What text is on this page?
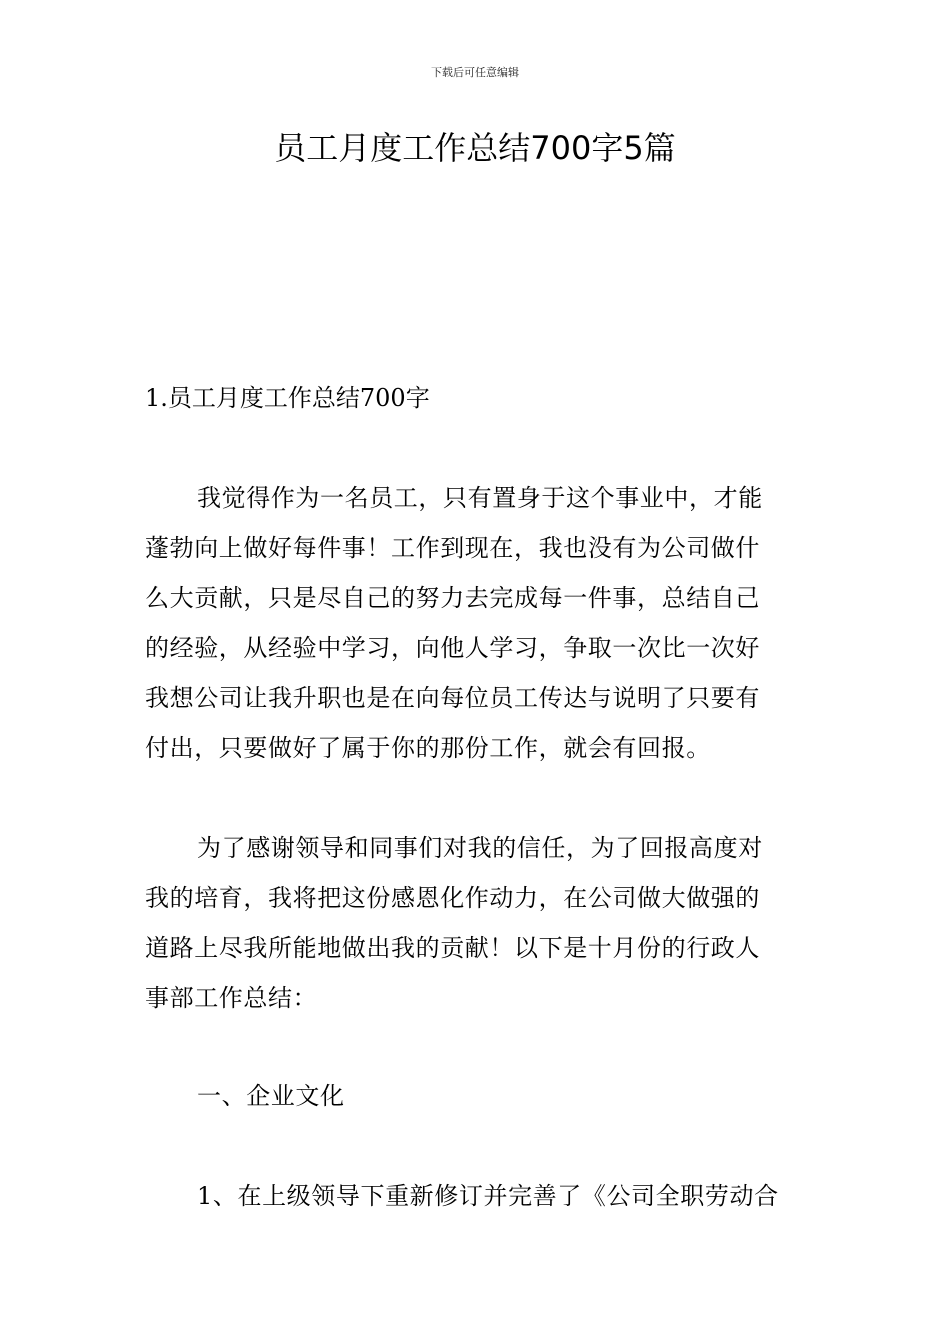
下载后可任意编辑
员工月度工作总结700字5篇
1.员工月度工作总结700字
我觉得作为一名员工，只有置身于这个事业中，才能
蓬勃向上做好每件事！工作到现在，我也没有为公司做什
么大贡献，只是尽自己的努力去完成每一件事，总结自己
的经验，从经验中学习，向他人学习，争取一次比一次好
我想公司让我升职也是在向每位员工传达与说明了只要有
付出，只要做好了属于你的那份工作，就会有回报。
为了感谢领导和同事们对我的信任，为了回报高度对
我的培育，我将把这份感恩化作动力，在公司做大做强的
道路上尽我所能地做出我的贡献！以下是十月份的行政人
事部工作总结：
一、企业文化
1、在上级领导下重新修订并完善了《公司全职劳动合
